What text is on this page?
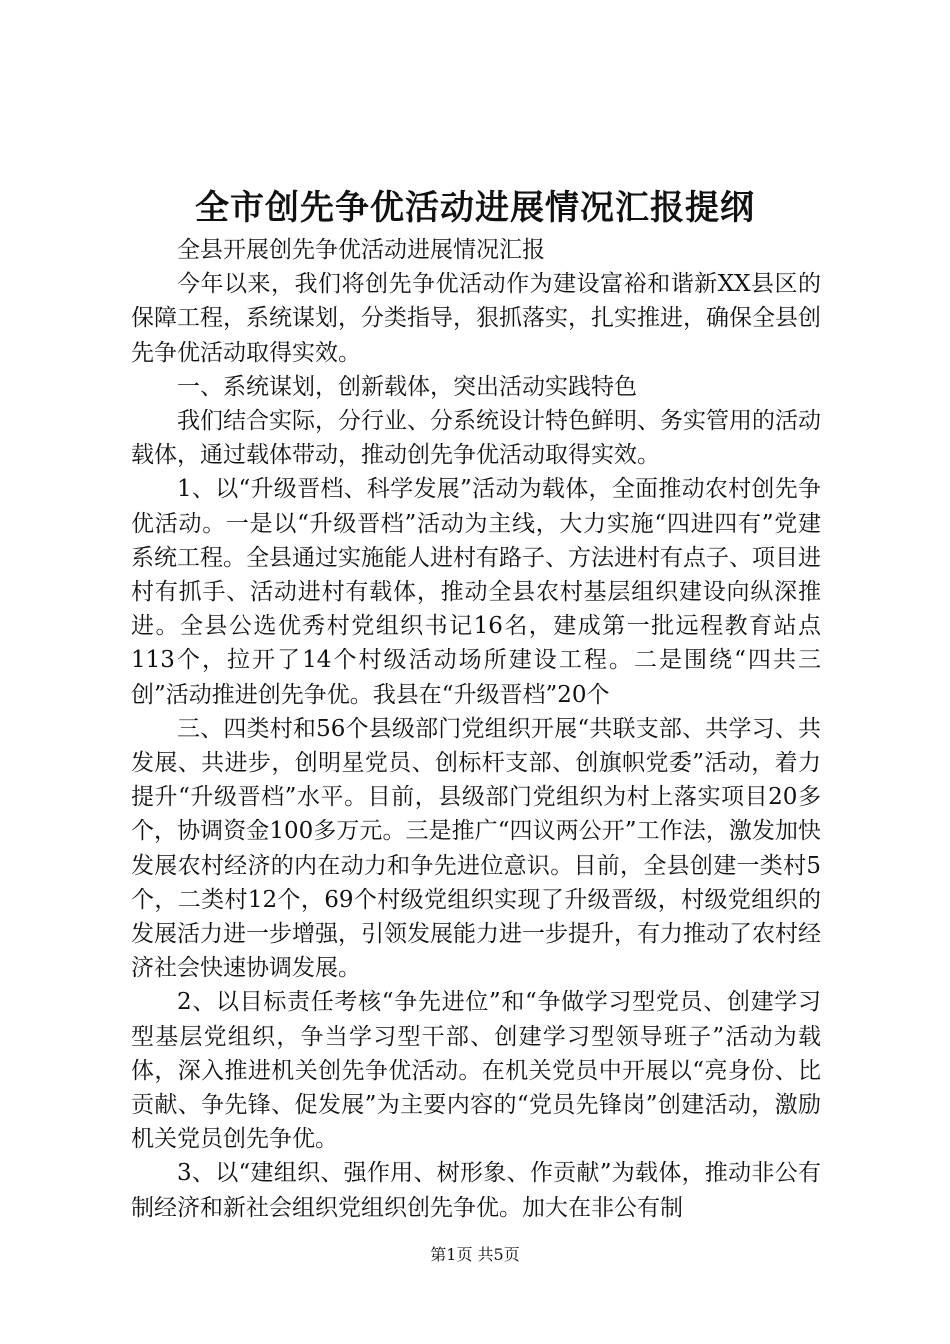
全市创先争优活动进展情况汇报提纲

全县开展创先争优活动进展情况汇报

今年以来，我们将创先争优活动作为建设富裕和谐新XX县区的保障工程，系统谋划，分类指导，狠抓落实，扎实推进，确保全县创先争优活动取得实效。

一、系统谋划，创新载体，突出活动实践特色

我们结合实际，分行业、分系统设计特色鲜明、务实管用的活动载体，通过载体带动，推动创先争优活动取得实效。

1、以“升级晋档、科学发展”活动为载体，全面推动农村创先争优活动。一是以“升级晋档”活动为主线，大力实施“四进四有”党建系统工程。全县通过实施能人进村有路子、方法进村有点子、项目进村有抓手、活动进村有载体，推动全县农村基层组织建设向纵深推进。全县公选优秀村党组织书记16名，建成第一批远程教育站点113个，拉开了14个村级活动场所建设工程。二是围绕“四共三创”活动推进创先争优。我县在“升级晋档”20个

三、四类村和56个县级部门党组织开展“共联支部、共学习、共发展、共进步，创明星党员、创标杆支部、创旗帜党委”活动，着力提升“升级晋档”水平。目前，县级部门党组织为村上落实项目20多个，协调资金100多万元。三是推广“四议两公开”工作法，激发加快发展农村经济的内在动力和争先进位意识。目前，全县创建一类村5个，二类村12个，69个村级党组织实现了升级晋级，村级党组织的发展活力进一步增强，引领发展能力进一步提升，有力推动了农村经济社会快速协调发展。

2、以目标责任考核“争先进位”和“争做学习型党员、创建学习型基层党组织，争当学习型干部、创建学习型领导班子”活动为载体，深入推进机关创先争优活动。在机关党员中开展以“亮身份、比贡献、争先锋、促发展”为主要内容的“党员先锋岗”创建活动，激励机关党员创先争优。

3、以“建组织、强作用、树形象、作贡献”为载体，推动非公有制经济和新社会组织党组织创先争优。加大在非公有制

第1页 共5页
